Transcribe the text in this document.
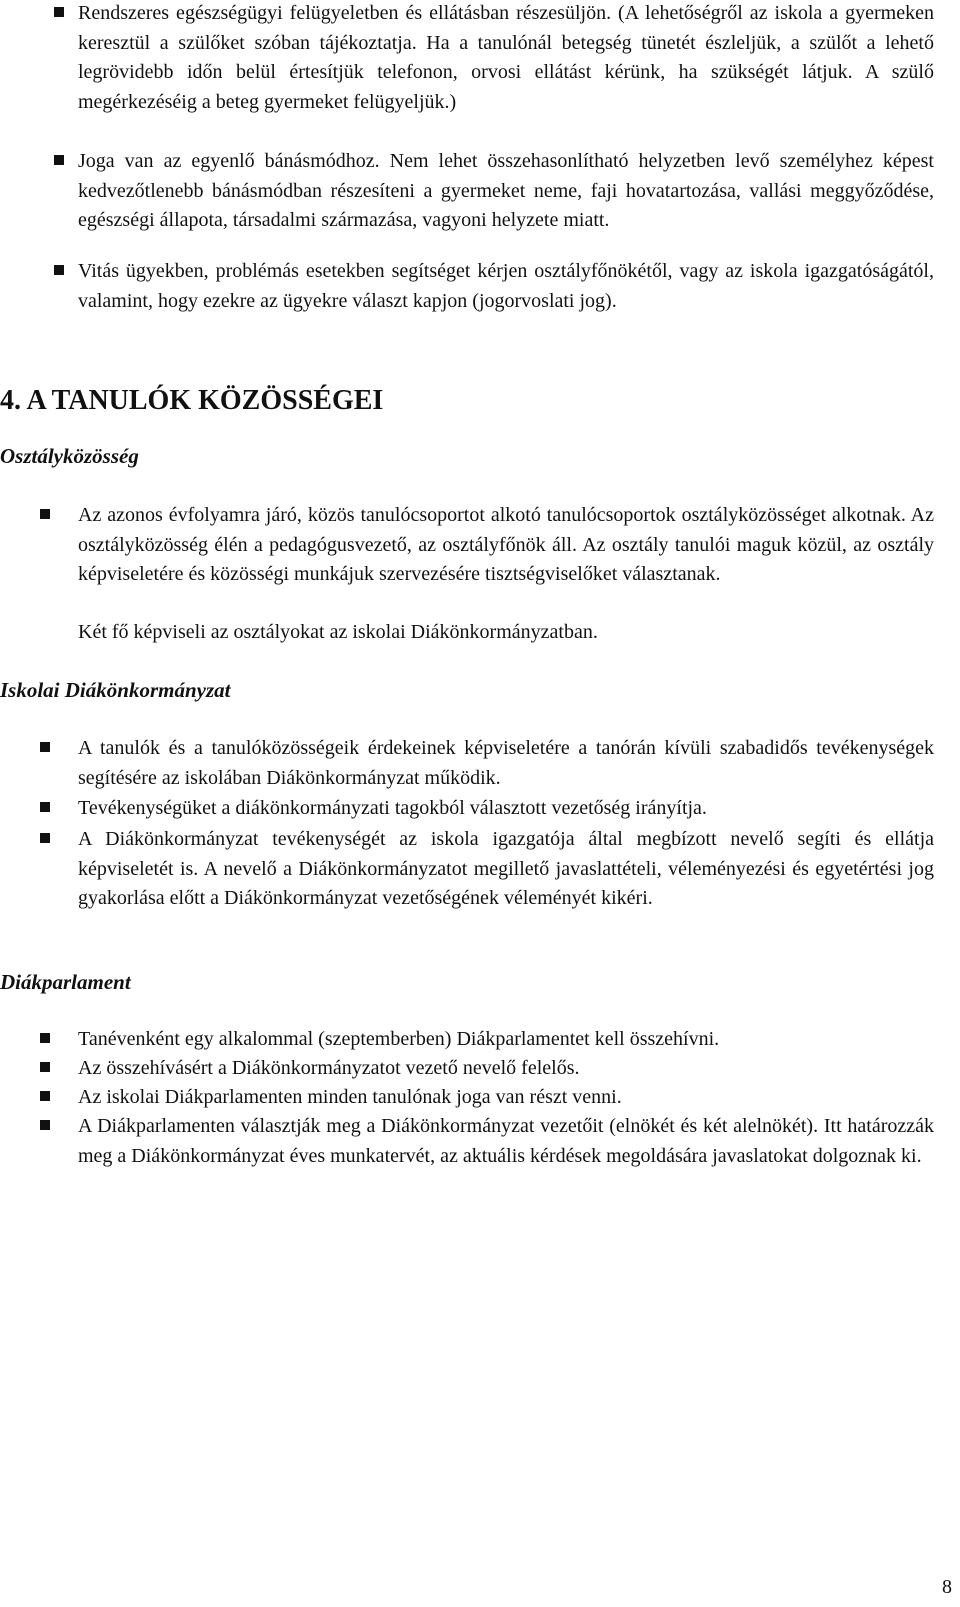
Rendszeres egészségügyi felügyeletben és ellátásban részesüljön. (A lehetőségről az iskola a gyermeken keresztül a szülőket szóban tájékoztatja. Ha a tanulónál betegség tünetét észleljük, a szülőt a lehető legrövidebb időn belül értesítjük telefonon, orvosi ellátást kérünk, ha szükségét látjuk. A szülő megérkezéséig a beteg gyermeket felügyeljük.)

Joga van az egyenlő bánásmódhoz. Nem lehet összehasonlítható helyzetben levő személyhez képest kedvezőtlenebb bánásmódban részesíteni a gyermeket neme, faji hovatartozása, vallási meggyőződése, egészségi állapota, társadalmi származása, vagyoni helyzete miatt.

Vitás ügyekben, problémás esetekben segítséget kérjen osztályfőnökétől, vagy az iskola igazgatóságától, valamint, hogy ezekre az ügyekre választ kapjon (jogorvoslati jog).

4. A TANULÓK KÖZÖSSÉGEI
Osztályközösség

Az azonos évfolyamra járó, közös tanulócsoportot alkotó tanulócsoportok osztályközösséget alkotnak. Az osztályközösség élén a pedagógusvezető, az osztályfőnök áll. Az osztály tanulói maguk közül, az osztály képviseletére és közösségi munkájuk szervezésére tisztségviselőket választanak.

Két fő képviseli az osztályokat az iskolai Diákönkormányzatban.

Iskolai Diákönkormányzat

A tanulók és a tanulóközösségeik érdekeinek képviseletére a tanórán kívüli szabadidős tevékenységek segítésére az iskolában Diákönkormányzat működik.

Tevékenységüket a diákönkormányzati tagokból választott vezetőség irányítja.

A Diákönkormányzat tevékenységét az iskola igazgatója által megbízott nevelő segíti és ellátja képviseletét is. A nevelő a Diákönkormányzatot megillető javaslattételi, véleményezési és egyetértési jog gyakorlása előtt a Diákönkormányzat vezetőségének véleményét kikéri.

Diákparlament

Tanévenként egy alkalommal (szeptemberben) Diákparlamentet kell összehívni.

Az összehívásért a Diákönkormányzatot vezető nevelő felelős.

Az iskolai Diákparlamenten minden tanulónak joga van részt venni.

A Diákparlamenten választják meg a Diákönkormányzat vezetőit (elnökét és két alelnökét). Itt határozzák meg a Diákönkormányzat éves munkatervét, az aktuális kérdések megoldására javaslatokat dolgoznak ki.

8
